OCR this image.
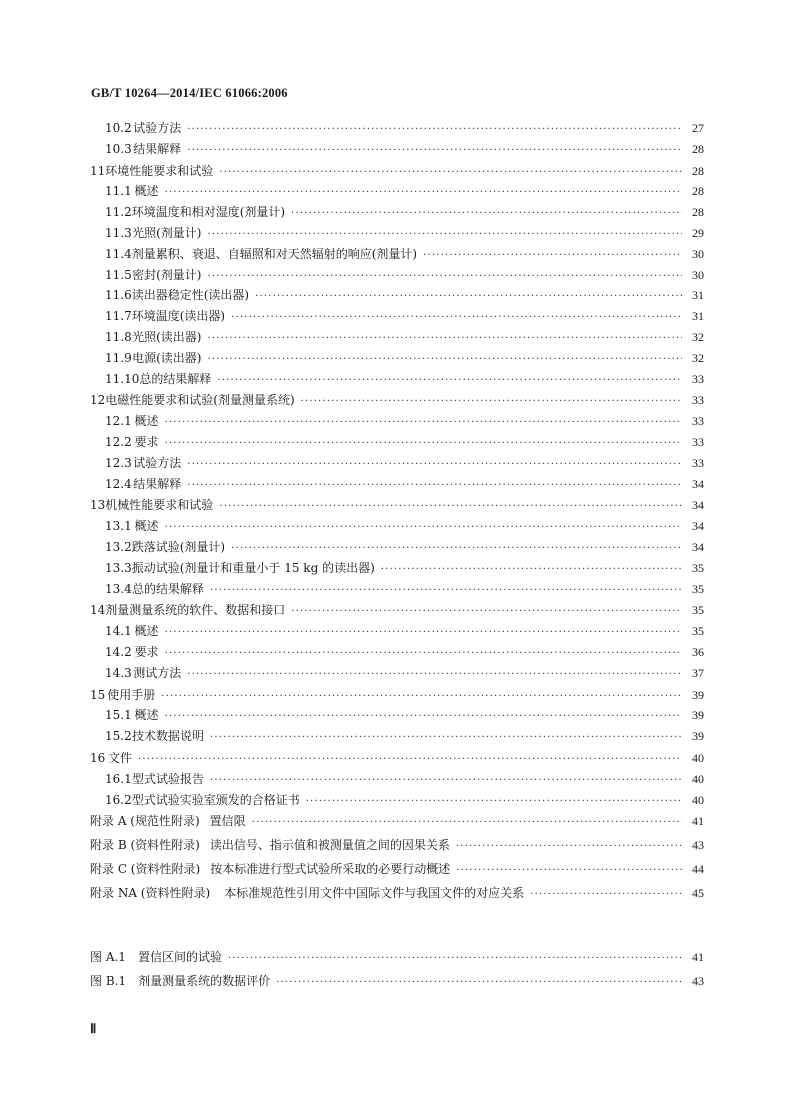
GB/T 10264—2014/IEC 61066:2006
10.2 试验方法 ·····	27
10.3 结果解释 ·····	28
11 环境性能要求和试验 ·····	28
11.1 概述 ·····	28
11.2 环境温度和相对湿度(剂量计) ·····	28
11.3 光照(剂量计) ·····	29
11.4 剂量累积、衰退、自辐照和对天然辐射的响应(剂量计) ·····	30
11.5 密封(剂量计) ·····	30
11.6 读出器稳定性(读出器) ·····	31
11.7 环境温度(读出器) ·····	31
11.8 光照(读出器) ·····	32
11.9 电源(读出器) ·····	32
11.10 总的结果解释 ·····	33
12 电磁性能要求和试验(剂量测量系统) ·····	33
12.1 概述 ·····	33
12.2 要求 ·····	33
12.3 试验方法 ·····	33
12.4 结果解释 ·····	34
13 机械性能要求和试验 ·····	34
13.1 概述 ·····	34
13.2 跌落试验(剂量计) ·····	34
13.3 振动试验(剂量计和重量小于 15 kg 的读出器) ·····	35
13.4 总的结果解释 ·····	35
14 剂量测量系统的软件、数据和接口 ·····	35
14.1 概述 ·····	35
14.2 要求 ·····	36
14.3 测试方法 ·····	37
15 使用手册 ·····	39
15.1 概述 ·····	39
15.2 技术数据说明 ·····	39
16 文件 ·····	40
16.1 型式试验报告 ·····	40
16.2 型式试验实验室颁发的合格证书 ·····	40
附录 A (规范性附录) 置信限 ·····	41
附录 B (资料性附录) 读出信号、指示值和被测量值之间的因果关系 ·····	43
附录 C (资料性附录) 按本标准进行型式试验所采取的必要行动概述 ·····	44
附录 NA (资料性附录) 本标准规范性引用文件中国际文件与我国文件的对应关系 ·····	45
图 A.1 置信区间的试验 ·····	41
图 B.1 剂量测量系统的数据评价 ·····	43
Ⅱ
